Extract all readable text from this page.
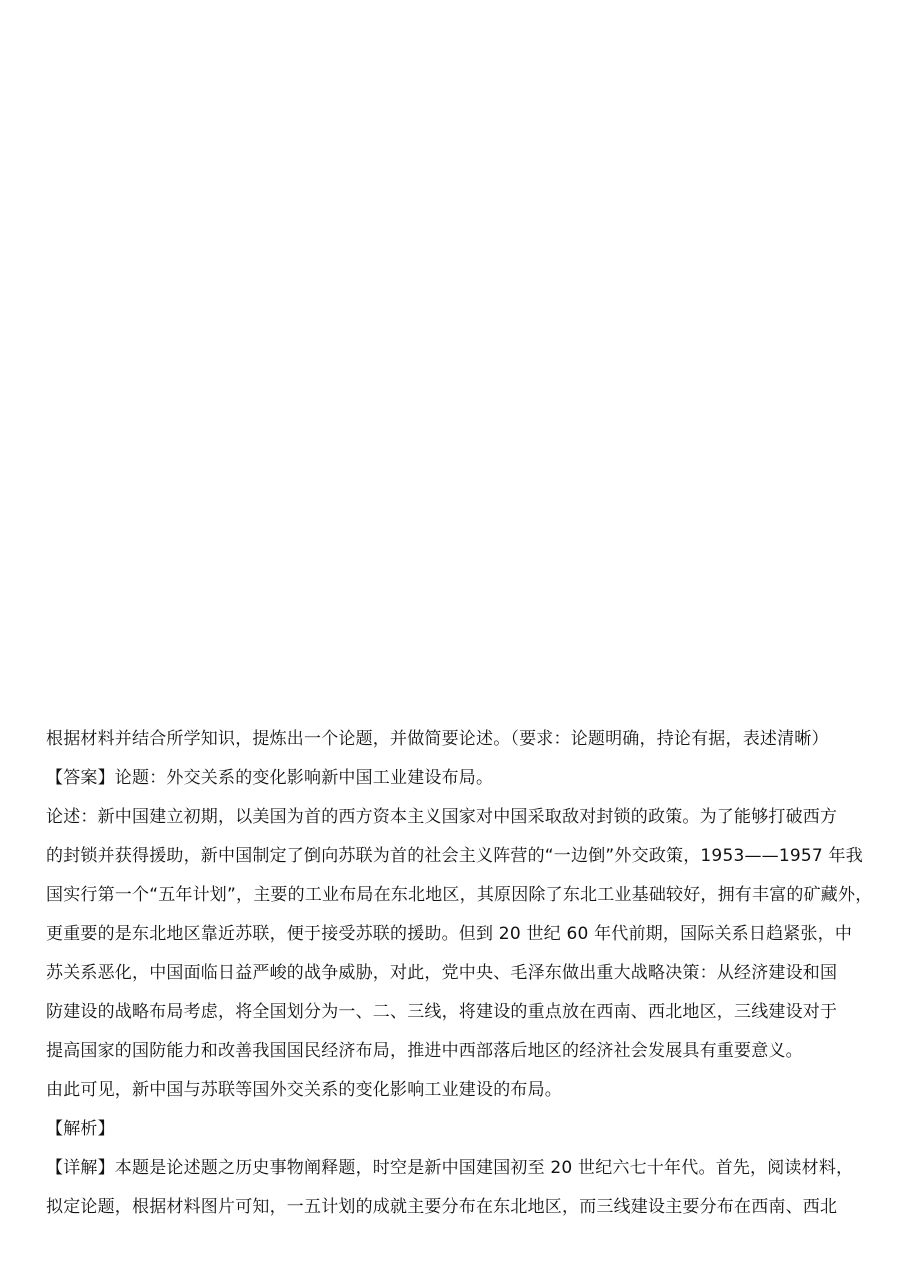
根据材料并结合所学知识，提炼出一个论题，并做简要论述。（要求：论题明确，持论有据，表述清晰）
【答案】论题：外交关系的变化影响新中国工业建设布局。
论述：新中国建立初期，以美国为首的西方资本主义国家对中国采取敌对封锁的政策。为了能够打破西方
的封锁并获得援助，新中国制定了倒向苏联为首的社会主义阵营的“一边倒”外交政策，1953——1957 年我
国实行第一个“五年计划”，主要的工业布局在东北地区，其原因除了东北工业基础较好，拥有丰富的矿藏外，
更重要的是东北地区靠近苏联，便于接受苏联的援助。但到 20 世纪 60 年代前期，国际关系日趋紧张，中
苏关系恶化，中国面临日益严峻的战争威胁，对此，党中央、毛泽东做出重大战略决策：从经济建设和国
防建设的战略布局考虑，将全国划分为一、二、三线，将建设的重点放在西南、西北地区，三线建设对于
提高国家的国防能力和改善我国国民经济布局，推进中西部落后地区的经济社会发展具有重要意义。
由此可见，新中国与苏联等国外交关系的变化影响工业建设的布局。
【解析】
【详解】本题是论述题之历史事物阐释题，时空是新中国建国初至 20 世纪六七十年代。首先，阅读材料，
拟定论题，根据材料图片可知，一五计划的成就主要分布在东北地区，而三线建设主要分布在西南、西北
